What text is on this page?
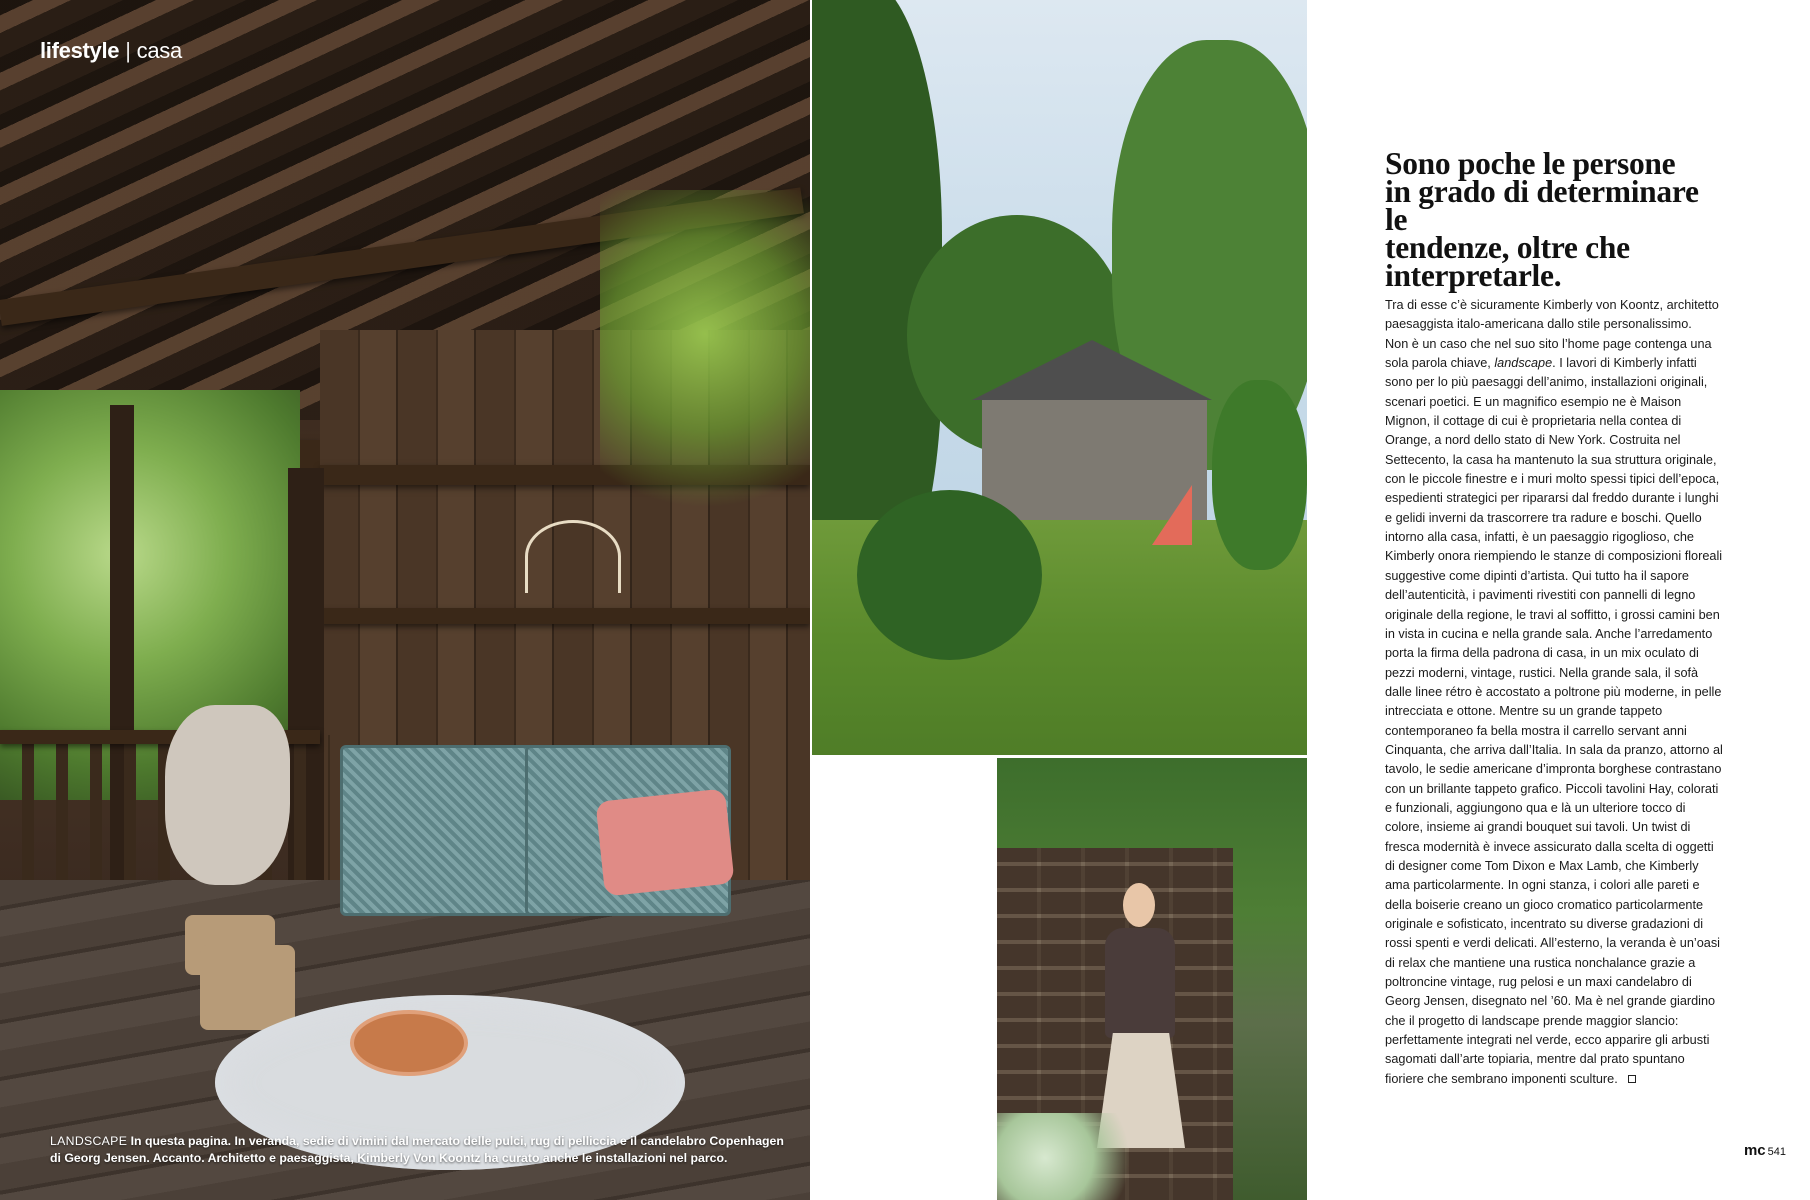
lifestyle | casa
Sono poche le persone
in grado di determinare le
tendenze, oltre che interpretarle.

Tra di esse c’è sicuramente Kimberly von Koontz, architetto paesaggista italo-americana dallo stile personalissimo.

Non è un caso che nel suo sito l’home page contenga una sola parola chiave, landscape. I lavori di Kimberly infatti sono per lo più paesaggi dell’animo, installazioni originali, scenari poetici. E un magnifico esempio ne è Maison Mignon, il cottage di cui è proprietaria nella contea di Orange, a nord dello stato di New York. Costruita nel Settecento, la casa ha mantenuto la sua struttura originale, con le piccole finestre e i muri molto spessi tipici dell’epoca, espedienti strategici per ripararsi dal freddo durante i lunghi e gelidi inverni da trascorrere tra radure e boschi. Quello intorno alla casa, infatti, è un paesaggio rigoglioso, che Kimberly onora riempiendo le stanze di composizioni floreali suggestive come dipinti d’artista. Qui tutto ha il sapore dell’autenticità, i pavimenti rivestiti con pannelli di legno originale della regione, le travi al soffitto, i grossi camini ben in vista in cucina e nella grande sala. Anche l’arredamento porta la firma della padrona di casa, in un mix oculato di pezzi moderni, vintage, rustici. Nella grande sala, il sofà dalle linee rétro è accostato a poltrone più moderne, in pelle intrecciata e ottone. Mentre su un grande tappeto contemporaneo fa bella mostra il carrello servant anni Cinquanta, che arriva dall’Italia. In sala da pranzo, attorno al tavolo, le sedie americane d’impronta borghese contrastano con un brillante tappeto grafico. Piccoli tavolini Hay, colorati e funzionali, aggiungono qua e là un ulteriore tocco di colore, insieme ai grandi bouquet sui tavoli. Un twist di fresca modernità è invece assicurato dalla scelta di oggetti di designer come Tom Dixon e Max Lamb, che Kimberly ama particolarmente. In ogni stanza, i colori alle pareti e della boiserie creano un gioco cromatico particolarmente originale e sofisticato, incentrato su diverse gradazioni di rossi spenti e verdi delicati. All’esterno, la veranda è un’oasi di relax che mantiene una rustica nonchalance grazie a poltroncine vintage, rug pelosi e un maxi candelabro di Georg Jensen, disegnato nel ’60. Ma è nel grande giardino che il progetto di landscape prende maggior slancio: perfettamente integrati nel verde, ecco apparire gli arbusti sagomati dall’arte topiaria, mentre dal prato spuntano fioriere che sembrano imponenti sculture.

LANDSCAPE In questa pagina. In veranda, sedie di vimini dal mercato delle pulci, rug di pelliccia e il candelabro Copenhagen di Georg Jensen. Accanto. Architetto e paesaggista, Kimberly Von Koontz ha curato anche le installazioni nel parco.	mc 541
